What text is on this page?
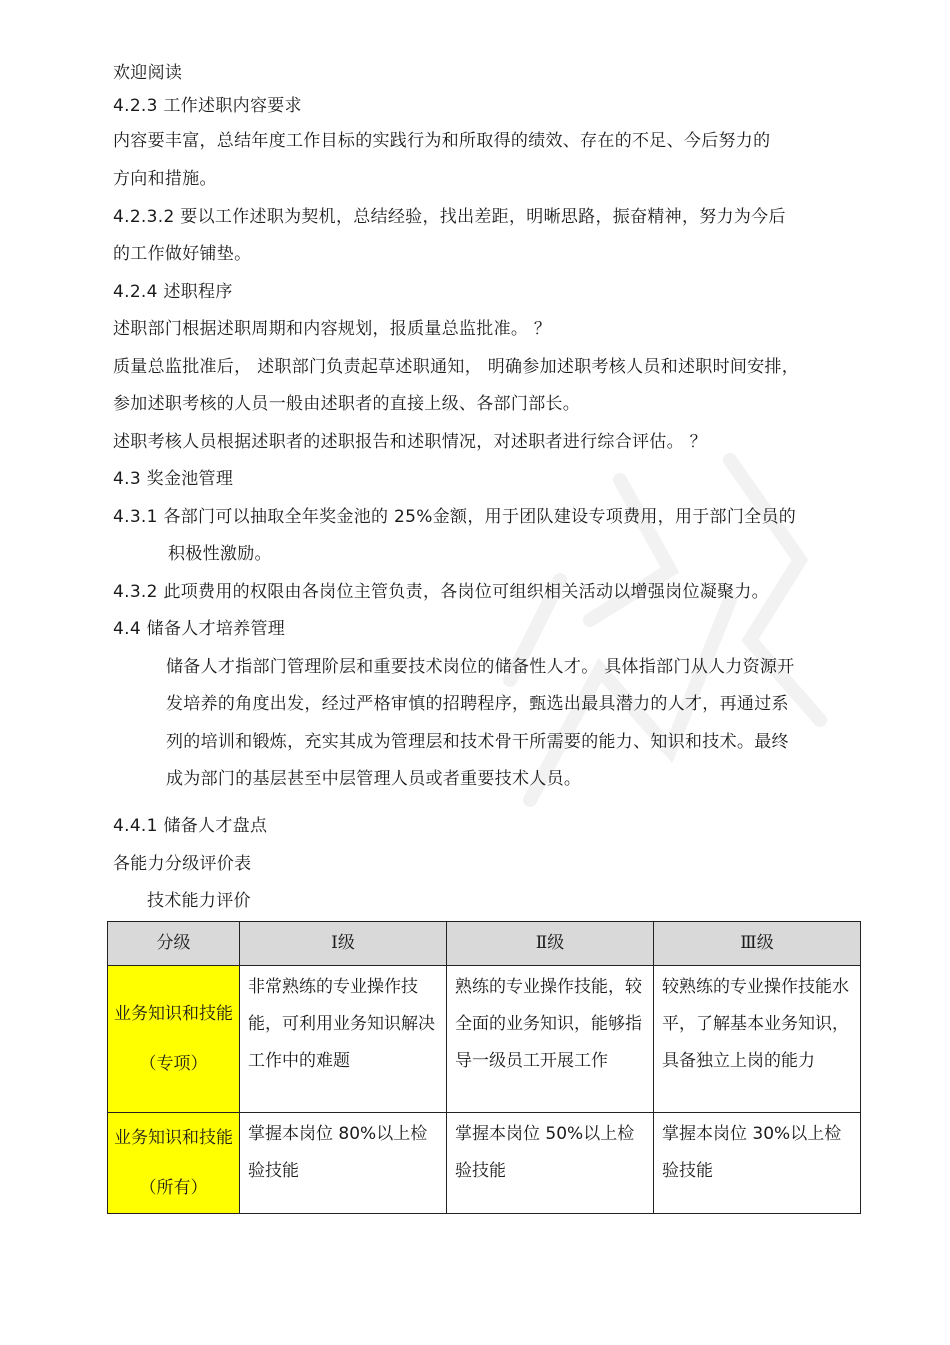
欢迎阅读
4.2.3 工作述职内容要求
内容要丰富，总结年度工作目标的实践行为和所取得的绩效、存在的不足、今后努力的
方向和措施。
4.2.3.2 要以工作述职为契机，总结经验，找出差距，明晰思路，振奋精神，努力为今后
的工作做好铺垫。
4.2.4 述职程序
述职部门根据述职周期和内容规划，报质量总监批准。 ？
质量总监批准后， 述职部门负责起草述职通知， 明确参加述职考核人员和述职时间安排，
参加述职考核的人员一般由述职者的直接上级、各部门部长。
述职考核人员根据述职者的述职报告和述职情况，对述职者进行综合评估。 ？
4.3 奖金池管理
4.3.1 各部门可以抽取全年奖金池的 25%金额，用于团队建设专项费用，用于部门全员的
积极性激励。
4.3.2 此项费用的权限由各岗位主管负责，各岗位可组织相关活动以增强岗位凝聚力。
4.4 储备人才培养管理
储备人才指部门管理阶层和重要技术岗位的储备性人才。 具体指部门从人力资源开
发培养的角度出发，经过严格审慎的招聘程序，甄选出最具潜力的人才，再通过系
列的培训和锻炼，充实其成为管理层和技术骨干所需要的能力、知识和技术。最终
成为部门的基层甚至中层管理人员或者重要技术人员。
4.4.1 储备人才盘点
各能力分级评价表
技术能力评价
分级	Ⅰ级	Ⅱ级	Ⅲ级
业务知识和技能（专项）	非常熟练的专业操作技能，可利用业务知识解决工作中的难题	熟练的专业操作技能，较全面的业务知识，能够指导一级员工开展工作	较熟练的专业操作技能水平，了解基本业务知识，具备独立上岗的能力
业务知识和技能（所有）	掌握本岗位 80%以上检验技能	掌握本岗位 50%以上检验技能	掌握本岗位 30%以上检验技能
